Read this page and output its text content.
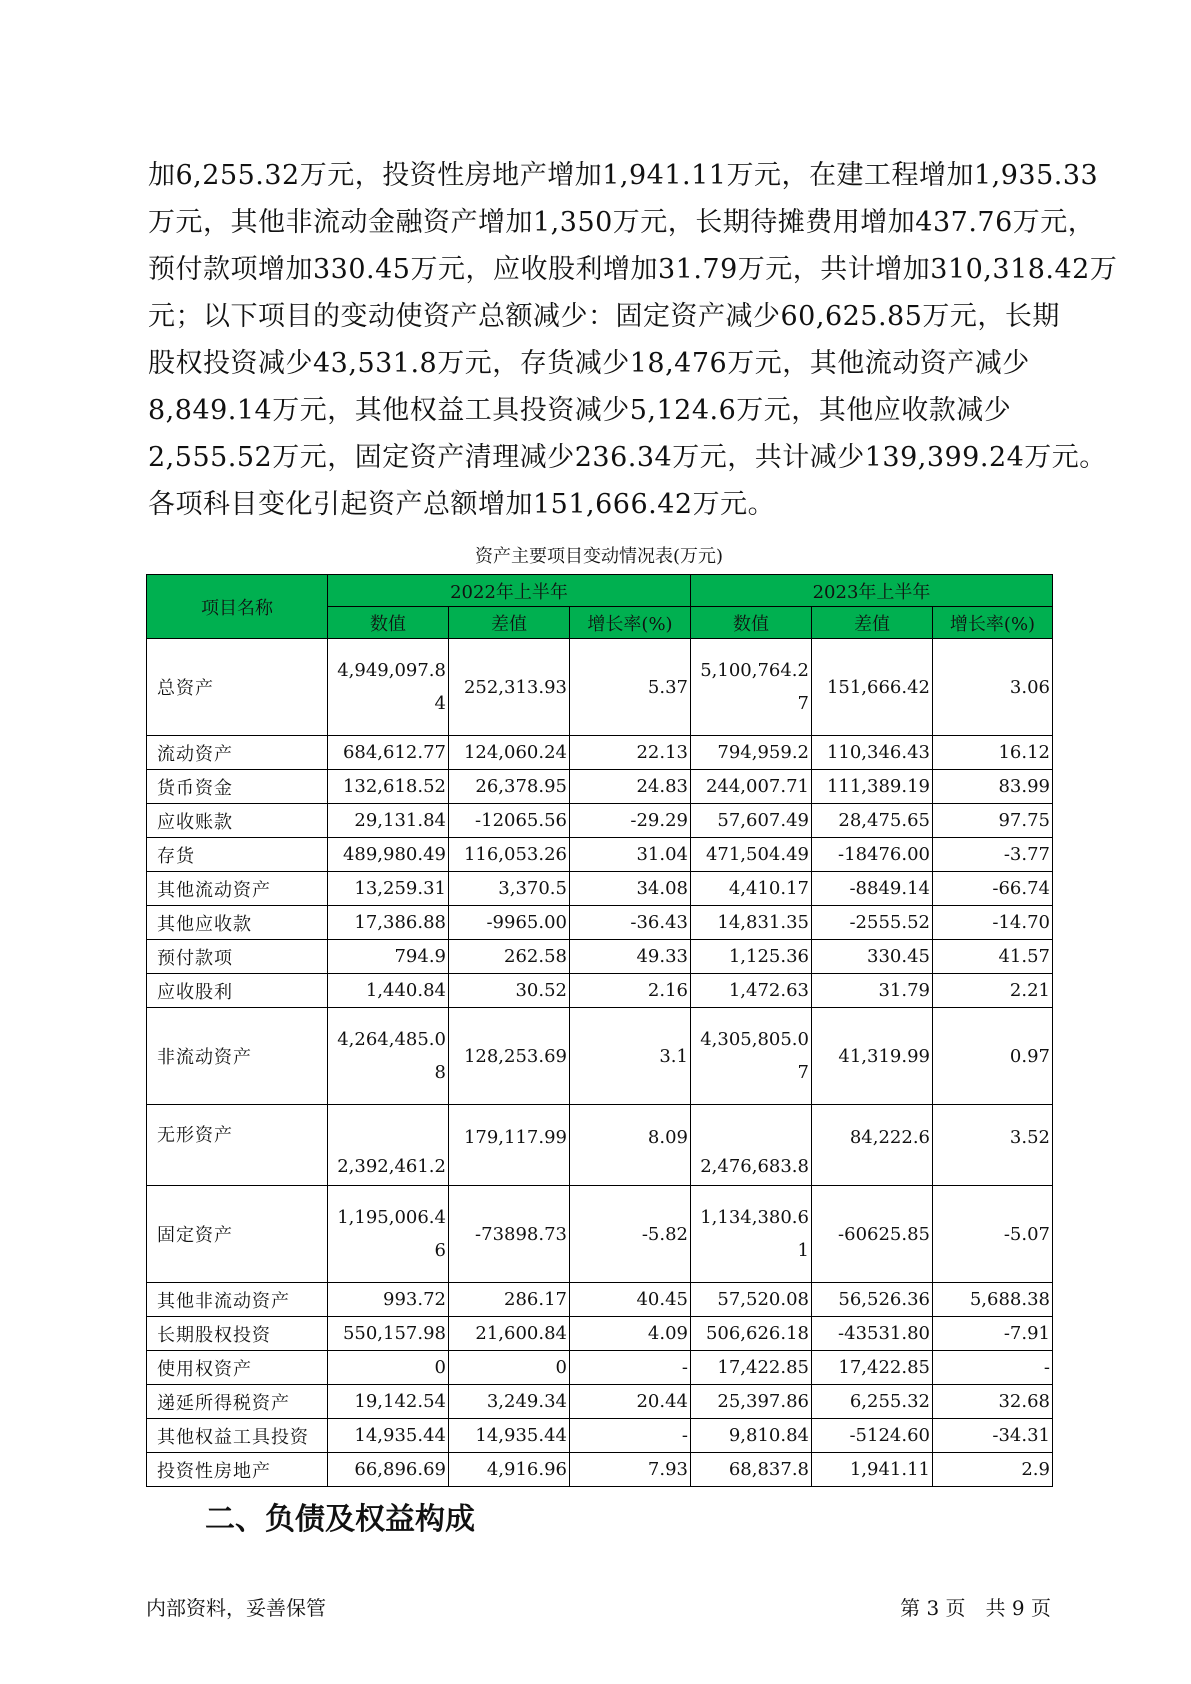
加6,255.32万元，投资性房地产增加1,941.11万元，在建工程增加1,935.33
万元，其他非流动金融资产增加1,350万元，长期待摊费用增加437.76万元，
预付款项增加330.45万元，应收股利增加31.79万元，共计增加310,318.42万
元；以下项目的变动使资产总额减少：固定资产减少60,625.85万元，长期
股权投资减少43,531.8万元，存货减少18,476万元，其他流动资产减少
8,849.14万元，其他权益工具投资减少5,124.6万元，其他应收款减少
2,555.52万元，固定资产清理减少236.34万元，共计减少139,399.24万元。
各项科目变化引起资产总额增加151,666.42万元。
资产主要项目变动情况表(万元)
项目名称	2022年上半年			2023年上半年		
	数值	差值	增长率(%)	数值	差值	增长率(%)
总资产	4,949,097.84	252,313.93	5.37	5,100,764.27	151,666.42	3.06
流动资产	684,612.77	124,060.24	22.13	794,959.2	110,346.43	16.12
货币资金	132,618.52	26,378.95	24.83	244,007.71	111,389.19	83.99
应收账款	29,131.84	-12065.56	-29.29	57,607.49	28,475.65	97.75
存货	489,980.49	116,053.26	31.04	471,504.49	-18476.00	-3.77
其他流动资产	13,259.31	3,370.5	34.08	4,410.17	-8849.14	-66.74
其他应收款	17,386.88	-9965.00	-36.43	14,831.35	-2555.52	-14.70
预付款项	794.9	262.58	49.33	1,125.36	330.45	41.57
应收股利	1,440.84	30.52	2.16	1,472.63	31.79	2.21
非流动资产	4,264,485.08	128,253.69	3.1	4,305,805.07	41,319.99	0.97
无形资产	2,392,461.2	179,117.99	8.09	2,476,683.8	84,222.6	3.52
固定资产	1,195,006.46	-73898.73	-5.82	1,134,380.61	-60625.85	-5.07
其他非流动资产	993.72	286.17	40.45	57,520.08	56,526.36	5,688.38
长期股权投资	550,157.98	21,600.84	4.09	506,626.18	-43531.80	-7.91
使用权资产	0	0	-	17,422.85	17,422.85	-
递延所得税资产	19,142.54	3,249.34	20.44	25,397.86	6,255.32	32.68
其他权益工具投资	14,935.44	14,935.44	-	9,810.84	-5124.60	-34.31
投资性房地产	66,896.69	4,916.96	7.93	68,837.8	1,941.11	2.9
二、负债及权益构成
内部资料，妥善保管	第 3 页　共 9 页
